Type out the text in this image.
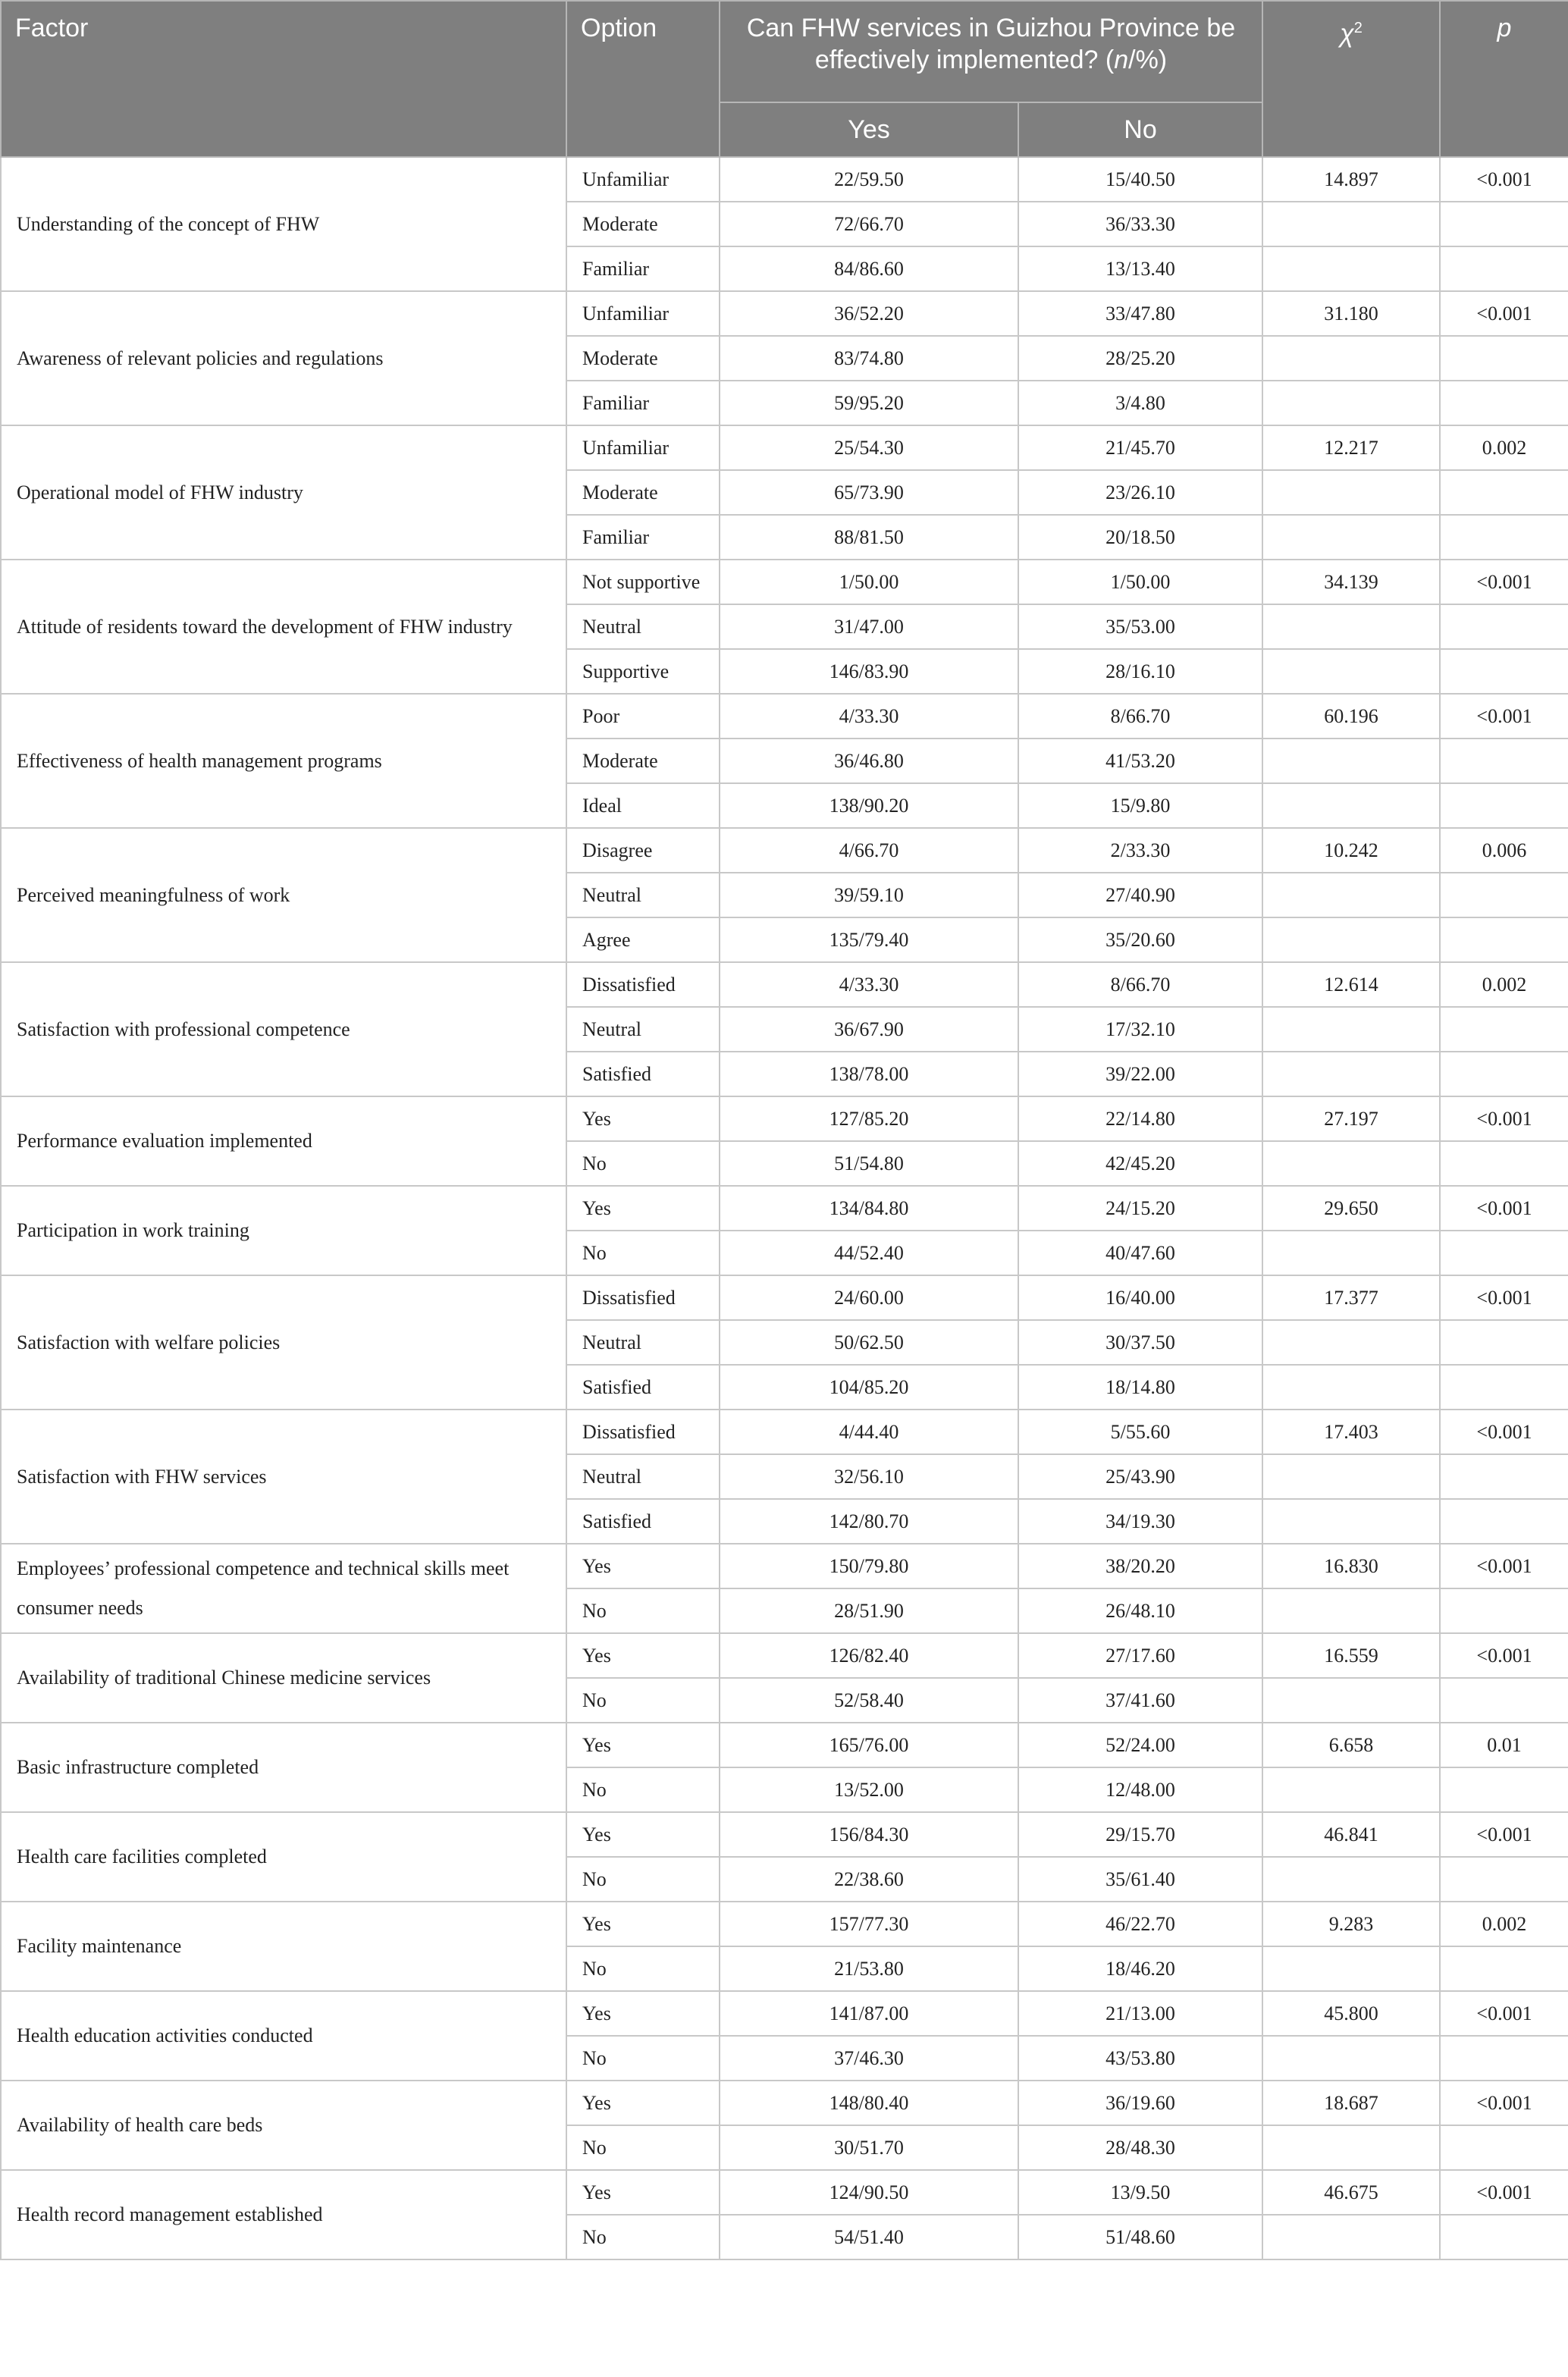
Factor	Option	Can FHW services in Guizhou Province be effectively implemented? (n/%)		$\chi^2$	p
		Yes	No		
Understanding of the concept of FHW	Unfamiliar	22/59.50	15/40.50	14.897	<0.001
	Moderate	72/66.70	36/33.30		
	Familiar	84/86.60	13/13.40		
Awareness of relevant policies and regulations	Unfamiliar	36/52.20	33/47.80	31.180	<0.001
	Moderate	83/74.80	28/25.20		
	Familiar	59/95.20	3/4.80		
Operational model of FHW industry	Unfamiliar	25/54.30	21/45.70	12.217	0.002
	Moderate	65/73.90	23/26.10		
	Familiar	88/81.50	20/18.50		
Attitude of residents toward the development of FHW industry	Not supportive	1/50.00	1/50.00	34.139	<0.001
	Neutral	31/47.00	35/53.00		
	Supportive	146/83.90	28/16.10		
Effectiveness of health management programs	Poor	4/33.30	8/66.70	60.196	<0.001
	Moderate	36/46.80	41/53.20		
	Ideal	138/90.20	15/9.80		
Perceived meaningfulness of work	Disagree	4/66.70	2/33.30	10.242	0.006
	Neutral	39/59.10	27/40.90		
	Agree	135/79.40	35/20.60		
Satisfaction with professional competence	Dissatisfied	4/33.30	8/66.70	12.614	0.002
	Neutral	36/67.90	17/32.10		
	Satisfied	138/78.00	39/22.00		
Performance evaluation implemented	Yes	127/85.20	22/14.80	27.197	<0.001
	No	51/54.80	42/45.20		
Participation in work training	Yes	134/84.80	24/15.20	29.650	<0.001
	No	44/52.40	40/47.60		
Satisfaction with welfare policies	Dissatisfied	24/60.00	16/40.00	17.377	<0.001
	Neutral	50/62.50	30/37.50		
	Satisfied	104/85.20	18/14.80		
Satisfaction with FHW services	Dissatisfied	4/44.40	5/55.60	17.403	<0.001
	Neutral	32/56.10	25/43.90		
	Satisfied	142/80.70	34/19.30		
Employees’ professional competence and technical skills meet consumer needs	Yes	150/79.80	38/20.20	16.830	<0.001
	No	28/51.90	26/48.10		
Availability of traditional Chinese medicine services	Yes	126/82.40	27/17.60	16.559	<0.001
	No	52/58.40	37/41.60		
Basic infrastructure completed	Yes	165/76.00	52/24.00	6.658	0.01
	No	13/52.00	12/48.00		
Health care facilities completed	Yes	156/84.30	29/15.70	46.841	<0.001
	No	22/38.60	35/61.40		
Facility maintenance	Yes	157/77.30	46/22.70	9.283	0.002
	No	21/53.80	18/46.20		
Health education activities conducted	Yes	141/87.00	21/13.00	45.800	<0.001
	No	37/46.30	43/53.80		
Availability of health care beds	Yes	148/80.40	36/19.60	18.687	<0.001
	No	30/51.70	28/48.30		
Health record management established	Yes	124/90.50	13/9.50	46.675	<0.001
	No	54/51.40	51/48.60		
